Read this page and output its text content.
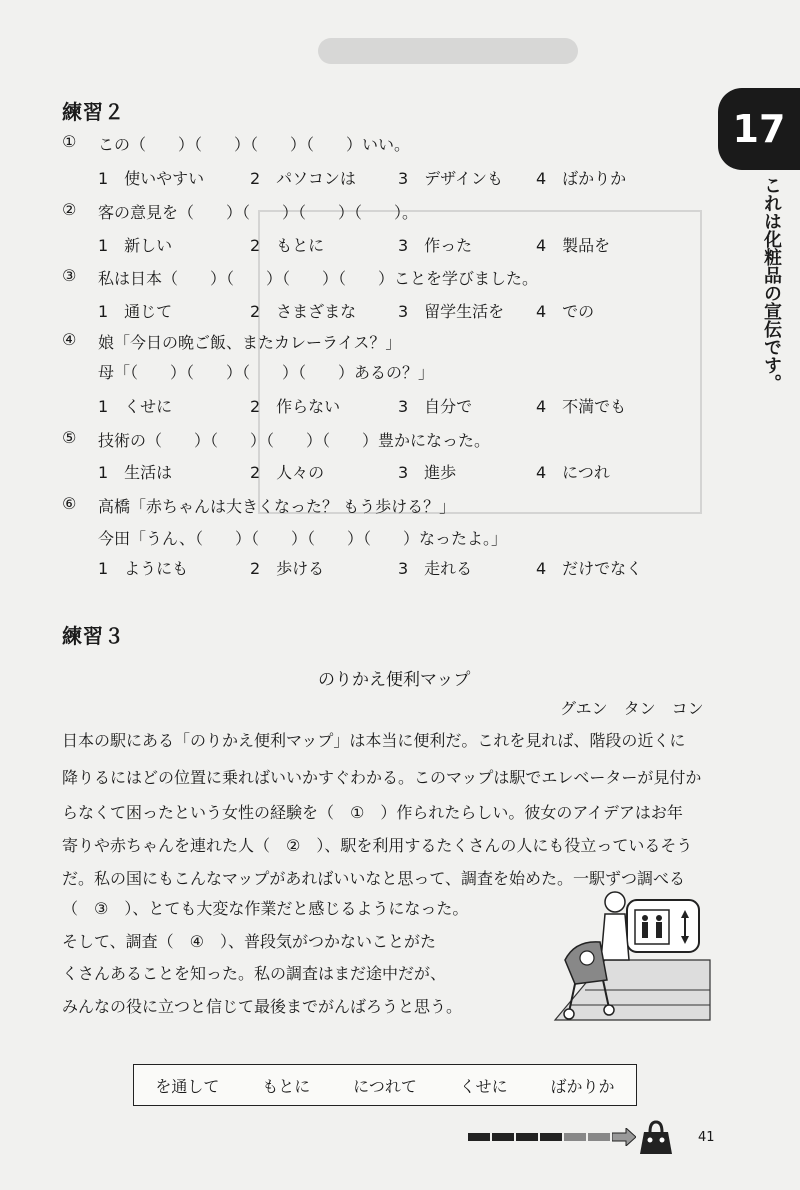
17
これは化粧品の宣伝です。
練習２
① この（　　）（　　）（　　）（　　）いい。
1　使いやすい	2　パソコンは	3　デザインも 4　ばかりか
② 客の意見を（　　）（　　）（　　）（　　）。
1　新しい	2　もとに	3　作った	4　製品を
③ 私は日本（　　）（　　）（　　）（　　）ことを学びました。
1　通じて	2　さまざまな	3　留学生活を 4　での
④ 娘「今日の晩ご飯、またカレーライス？」
母「（　　）（　　）（　　）（　　）あるの？」
1　くせに	2　作らない	3　自分で	4　不満でも
⑤ 技術の（　　）（　　）（　　）（　　）豊かになった。
1　生活は	2　人々の	3　進歩	4　につれ
⑥ 高橋「赤ちゃんは大きくなった？ もう歩ける？」
今田「うん、（　　）（　　）（　　）（　　）なったよ。」
1　ようにも	2　歩ける	3　走れる	4　だけでなく
練習３
のりかえ便利マップ
グエン　タン　コン
日本の駅にある「のりかえ便利マップ」は本当に便利だ。これを見れば、階段の近くに
降りるにはどの位置に乗ればいいかすぐわかる。このマップは駅でエレベーターが見付か
らなくて困ったという女性の経験を（　①　）作られたらしい。彼女のアイデアはお年
寄りや赤ちゃんを連れた人（　②　）、駅を利用するたくさんの人にも役立っているそう
だ。私の国にもこんなマップがあればいいなと思って、調査を始めた。一駅ずつ調べる
（　③　）、とても大変な作業だと感じるようになった。
そして、調査（　④　）、普段気がつかないことがた
くさんあることを知った。私の調査はまだ途中だが、
みんなの役に立つと信じて最後までがんばろうと思う。
を通して	もとに	につれて	くせに	ばかりか
41
